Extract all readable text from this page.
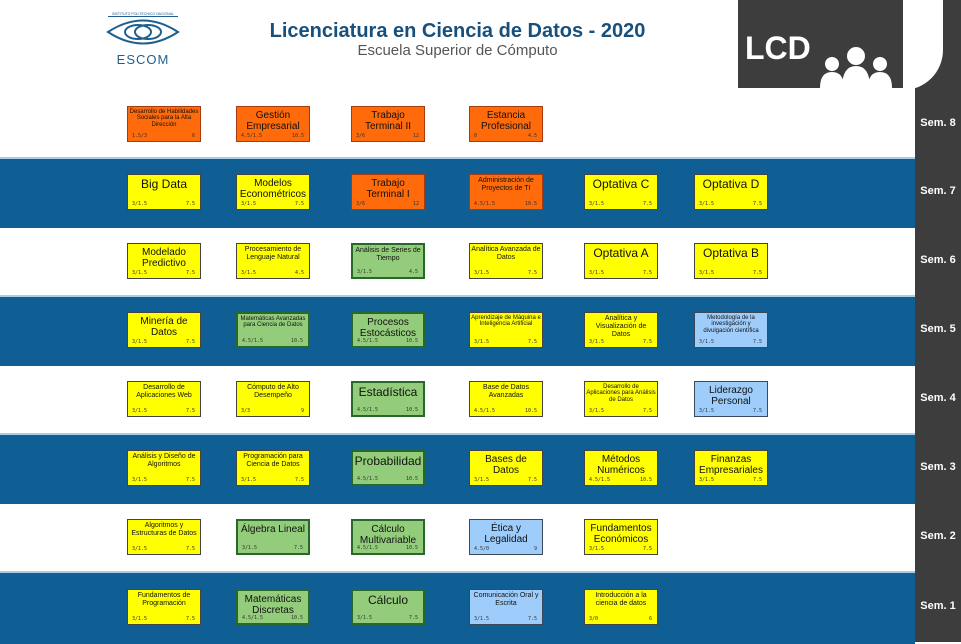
INSTITUTO POLITÉCNICO NACIONAL
ESCOM
Licenciatura en Ciencia de Datos - 2020
Escuela Superior de Cómputo	LCD
Sem. 8
Desarrollo de Habilidades Sociales para la Alta Dirección
1.5/3	6
Gestión Empresarial
4.5/1.5	10.5
Trabajo Terminal II
3/6	12
Estancia Profesional
0	4.5
Sem. 7
Big Data
3/1.5	7.5
Modelos Econométricos
3/1.5	7.5
Trabajo Terminal I
3/6	12
Administración de Proyectos de TI
4.5/1.5	10.5
Optativa C
3/1.5	7.5
Optativa D
3/1.5	7.5
Sem. 6
Modelado Predictivo
3/1.5	7.5
Procesamiento de Lenguaje Natural
3/1.5	4.5
Análisis de Series de Tiempo
3/1.5	4.5
Analítica Avanzada de Datos
3/1.5	7.5
Optativa A
3/1.5	7.5
Optativa B
3/1.5	7.5
Sem. 5
Minería de Datos
3/1.5	7.5
Matemáticas Avanzadas para Ciencia de Datos
4.5/1.5	10.5
Procesos Estocásticos
4.5/1.5	10.5
Aprendizaje de Máquina e Inteligencia Artificial
3/1.5	7.5
Analítica y Visualización de Datos
3/1.5	7.5
Metodología de la investigación y divulgación científica
3/1.5	7.5
Sem. 4
Desarrollo de Aplicaciones Web
3/1.5	7.5
Cómputo de Alto Desempeño
3/3	9
Estadística
4.5/1.5	10.5
Base de Datos Avanzadas
4.5/1.5	10.5
Desarrollo de Aplicaciones para Análisis de Datos
3/1.5	7.5
Liderazgo Personal
3/1.5	7.5
Sem. 3
Análisis y Diseño de Algoritmos
3/1.5	7.5
Programación para Ciencia de Datos
3/1.5	7.5
Probabilidad
4.5/1.5	10.5
Bases de Datos
3/1.5	7.5
Métodos Numéricos
4.5/1.5	10.5
Finanzas Empresariales
3/1.5	7.5
Sem. 2
Algoritmos y Estructuras de Datos
3/1.5	7.5
Álgebra Lineal
3/1.5	7.5
Cálculo Multivariable
4.5/1.5	10.5
Ética y Legalidad
4.5/0	9
Fundamentos Económicos
3/1.5	7.5
Sem. 1
Fundamentos de Programación
3/1.5	7.5
Matemáticas Discretas
4.5/1.5	10.5
Cálculo
3/1.5	7.5
Comunicación Oral y Escrita
3/1.5	7.5
Introducción a la ciencia de datos
3/0	6
